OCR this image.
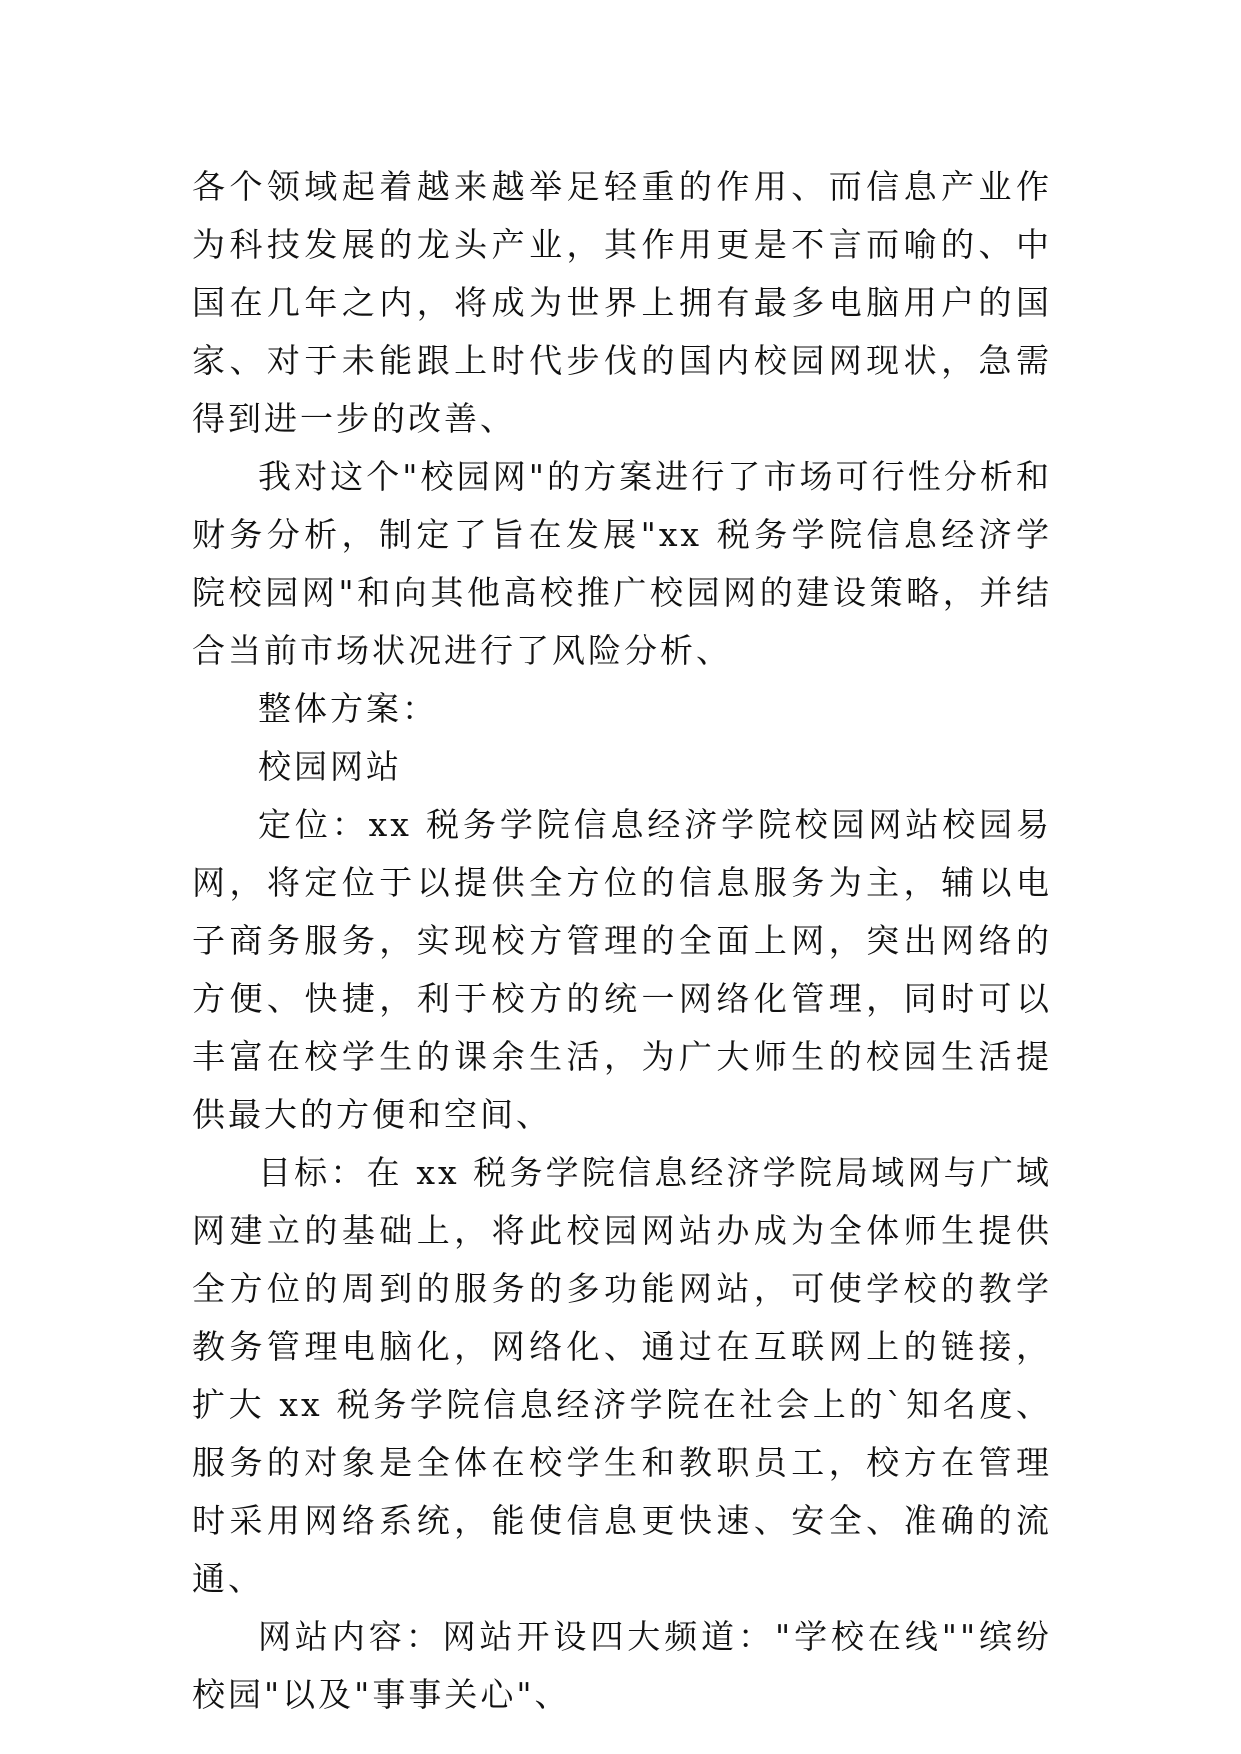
各个领域起着越来越举足轻重的作用、而信息产业作为科技发展的龙头产业，其作用更是不言而喻的、中国在几年之内，将成为世界上拥有最多电脑用户的国家、对于未能跟上时代步伐的国内校园网现状，急需得到进一步的改善、

我对这个"校园网"的方案进行了市场可行性分析和财务分析，制定了旨在发展"xx 税务学院信息经济学院校园网"和向其他高校推广校园网的建设策略，并结合当前市场状况进行了风险分析、

整体方案：

校园网站

定位：xx 税务学院信息经济学院校园网站校园易网，将定位于以提供全方位的信息服务为主，辅以电子商务服务，实现校方管理的全面上网，突出网络的方便、快捷，利于校方的统一网络化管理，同时可以丰富在校学生的课余生活，为广大师生的校园生活提供最大的方便和空间、

目标：在 xx 税务学院信息经济学院局域网与广域网建立的基础上，将此校园网站办成为全体师生提供全方位的周到的服务的多功能网站，可使学校的教学教务管理电脑化，网络化、通过在互联网上的链接，扩大 xx 税务学院信息经济学院在社会上的`知名度、服务的对象是全体在校学生和教职员工，校方在管理时采用网络系统，能使信息更快速、安全、准确的流通、

网站内容：网站开设四大频道："学校在线""缤纷校园"以及"事事关心"、
